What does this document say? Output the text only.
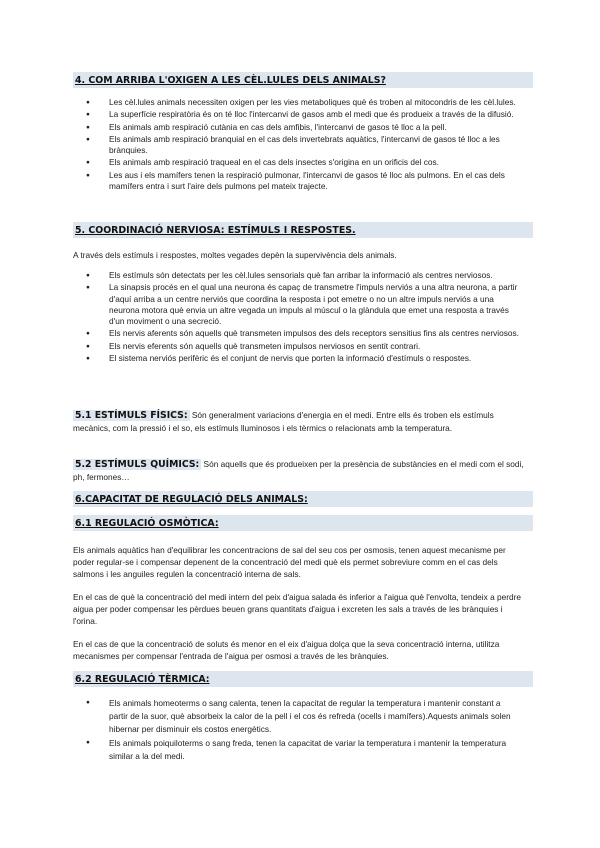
4. COM ARRIBA L'OXIGEN A LES CÈL.LULES DELS ANIMALS?
● Les cèl.lules animals necessiten oxigen per les vies metaboliques què és troben al mitocondris de les cèl.lules.
● La superfície respiratòria és on té lloc l'intercanvi de gasos amb el medi que és produeix a través de la difusió.
● Els animals amb respiració cutània en cas dels amfibis, l'intercanvi de gasos té lloc a la pell.
● Els animals amb respiració branquial en el cas dels invertebrats aquàtics, l'intercanvi de gasos té lloc a les brànquies.
● Els animals amb respiració traqueal en el cas dels insectes s'origina en un orificis del cos.
● Les aus i els mamífers tenen la respiració pulmonar, l'intercanvi de gasos té lloc als pulmons. En el cas dels mamífers entra i surt l'aire dels pulmons pel mateix trajecte.
5. COORDINACIÓ NERVIOSA: ESTÍMULS I RESPOSTES.
A través dels estímuls i respostes, moltes vegades depèn la supervivència dels animals.
● Els estímuls són detectats per les cèl.lules sensorials què fan arribar la informació als centres nerviosos.
● La sinapsis procés en el qual una neurona és capaç de transmetre l'impuls nerviós a una altra neurona, a partir d'aquí arriba a un centre nerviós que coordina la resposta i pot emetre o no un altre impuls nerviós a una neurona motora què envia un altre vegada un impuls al múscul o la glàndula que emet una resposta a través d'un moviment o una secreció.
● Els nervis aferents són aquells què transmeten impulsos des dels receptors sensitius fins als centres nerviosos.
● Els nervis eferents són aquells què transmeten impulsos nerviosos en sentit contrari.
● El sistema nerviós perifèric és el conjunt de nervis que porten la informació d'estímuls o respostes.
5.1 ESTÍMULS FÍSICS: Són generalment variacions d'energia en el medi. Entre ells és troben els estímuls mecànics, com la pressió i el so, els estímuls lluminosos i els tèrmics o relacionats amb la temperatura.
5.2 ESTÍMULS QUÍMICS: Són aquells que és produeixen per la presència de substàncies en el medi com el sodi, ph, fermones…
6.CAPACITAT DE REGULACIÓ DELS ANIMALS:
6.1 REGULACIÓ OSMÒTICA:
Els animals aquàtics han d'equilibrar les concentracions de sal del seu cos per osmosis, tenen aquest mecanisme per poder regular-se i compensar depenent de la concentració del medi què els permet sobreviure comm en el cas dels salmons i les anguiles regulen la concentració interna de sals.
En el cas de què la concentració del medi intern del peix d'aigua salada és inferior a l'aigua què l'envolta, tendeix a perdre aigua per poder compensar les pèrdues beuen grans quantitats d'aigua i excreten les sals a través de les brànquies i l'orina.
En el cas de que la concentració de soluts és menor en el eix d'aigua dolça que la seva concentració interna, utilitza mecanismes per compensar l'entrada de l'aigua per osmosi a través de les brànquies.
6.2 REGULACIÓ TÈRMICA:
● Els animals homeoterms o sang calenta, tenen la capacitat de regular la temperatura i mantenir constant a partir de la suor, què absorbeix la calor de la pell i el cos és refreda (ocells i mamífers).Aquests animals solen hibernar per disminuir els costos energètics.
● Els animals poiquiloterms o sang freda, tenen la capacitat de variar la temperatura i mantenir la temperatura similar a la del medi.
